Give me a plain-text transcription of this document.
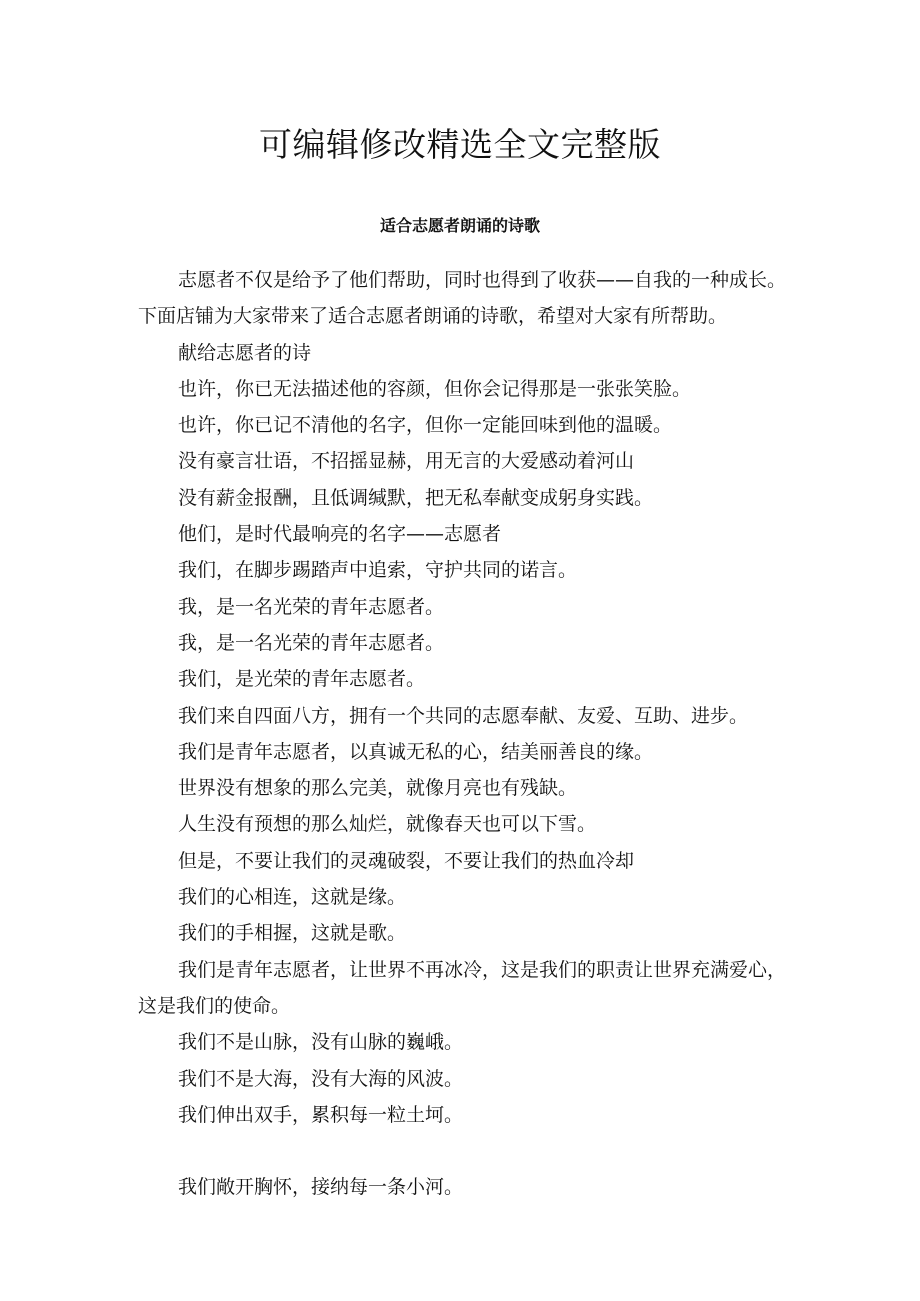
可编辑修改精选全文完整版
适合志愿者朗诵的诗歌

志愿者不仅是给予了他们帮助，同时也得到了收获——自我的一种成长。下面店铺为大家带来了适合志愿者朗诵的诗歌，希望对大家有所帮助。

献给志愿者的诗

也许，你已无法描述他的容颜，但你会记得那是一张张笑脸。

也许，你已记不清他的名字，但你一定能回味到他的温暖。

没有豪言壮语，不招摇显赫，用无言的大爱感动着河山

没有薪金报酬，且低调缄默，把无私奉献变成躬身实践。

他们，是时代最响亮的名字——志愿者

我们，在脚步踢踏声中追索，守护共同的诺言。

我，是一名光荣的青年志愿者。

我，是一名光荣的青年志愿者。

我们，是光荣的青年志愿者。

我们来自四面八方，拥有一个共同的志愿奉献、友爱、互助、进步。

我们是青年志愿者，以真诚无私的心，结美丽善良的缘。

世界没有想象的那么完美，就像月亮也有残缺。

人生没有预想的那么灿烂，就像春天也可以下雪。

但是，不要让我们的灵魂破裂，不要让我们的热血冷却

我们的心相连，这就是缘。

我们的手相握，这就是歌。

我们是青年志愿者，让世界不再冰冷，这是我们的职责让世界充满爱心，这是我们的使命。

我们不是山脉，没有山脉的巍峨。

我们不是大海，没有大海的风波。

我们伸出双手，累积每一粒土坷。

我们敞开胸怀，接纳每一条小河。
